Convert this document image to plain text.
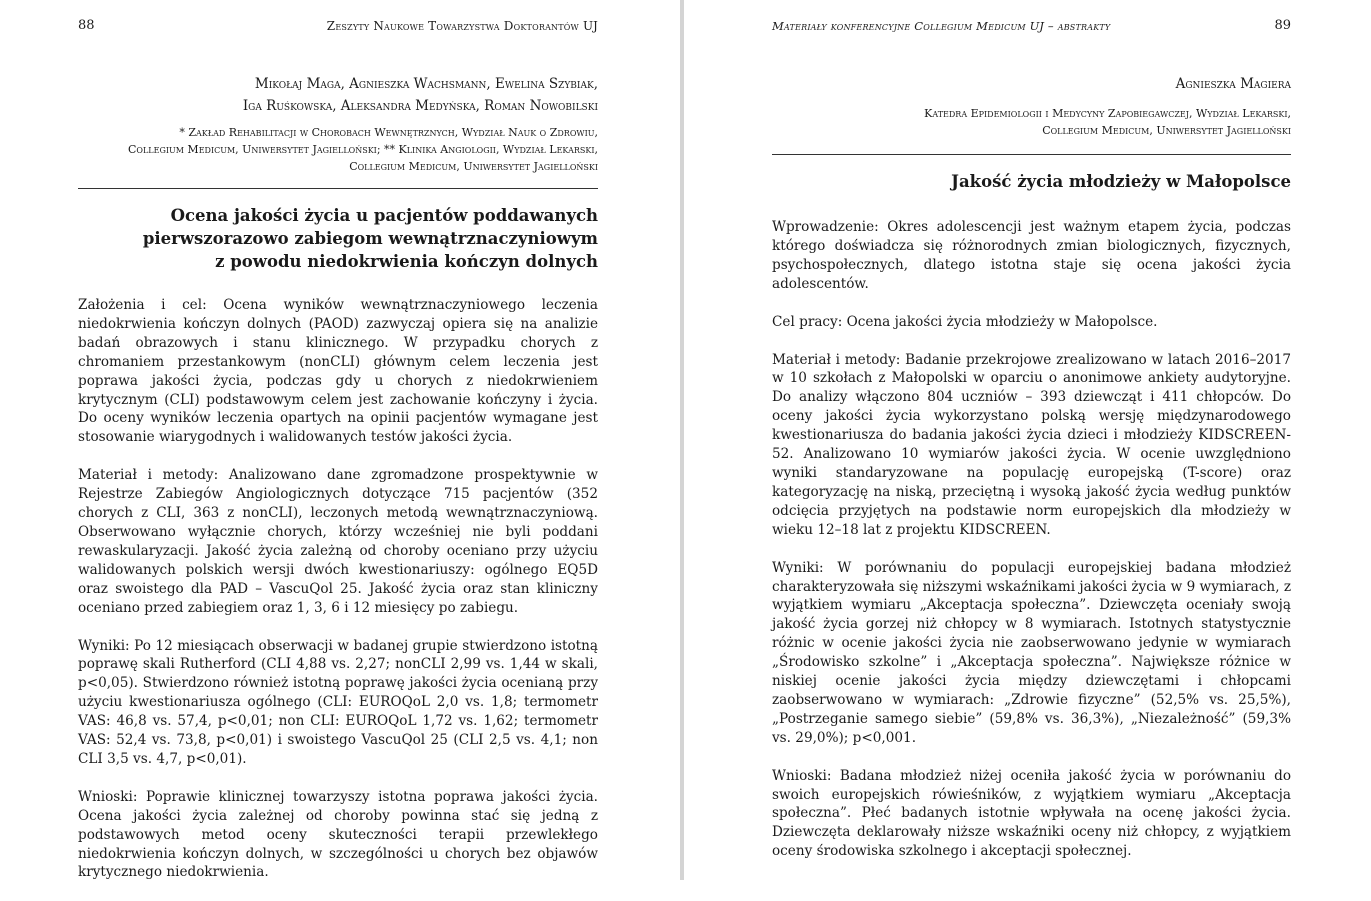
88	Zeszyty Naukowe Towarzystwa Doktorantów UJ
Mikołaj Maga, Agnieszka Wachsmann, Ewelina Szybiak,
Iga Ruśkowska, Aleksandra Medyńska, Roman Nowobilski
* Zakład Rehabilitacji w Chorobach Wewnętrznych, Wydział Nauk o Zdrowiu,
Collegium Medicum, Uniwersytet Jagielloński; ** Klinika Angiologii, Wydział Lekarski,
Collegium Medicum, Uniwersytet Jagielloński
Ocena jakości życia u pacjentów poddawanych
pierwszorazowo zabiegom wewnątrznaczyniowym
z powodu niedokrwienia kończyn dolnych

Założenia i cel: Ocena wyników wewnątrznaczyniowego leczenia niedokrwienia kończyn dolnych (PAOD) zazwyczaj opiera się na analizie badań obrazowych i stanu klinicznego. W przypadku chorych z chromaniem przestankowym (nonCLI) głównym celem leczenia jest poprawa jakości życia, podczas gdy u chorych z niedokrwieniem krytycznym (CLI) podstawowym celem jest zachowanie kończyny i życia. Do oceny wyników leczenia opartych na opinii pacjentów wymagane jest stosowanie wiarygodnych i walidowanych testów jakości życia.

Materiał i metody: Analizowano dane zgromadzone prospektywnie w Rejestrze Zabiegów Angiologicznych dotyczące 715 pacjentów (352 chorych z CLI, 363 z nonCLI), leczonych metodą wewnątrznaczyniową. Obserwowano wyłącznie chorych, którzy wcześniej nie byli poddani rewaskularyzacji. Jakość życia zależną od choroby oceniano przy użyciu walidowanych polskich wersji dwóch kwestionariuszy: ogólnego EQ5D oraz swoistego dla PAD – VascuQol 25. Jakość życia oraz stan kliniczny oceniano przed zabiegiem oraz 1, 3, 6 i 12 miesięcy po zabiegu.

Wyniki: Po 12 miesiącach obserwacji w badanej grupie stwierdzono istotną poprawę skali Rutherford (CLI 4,88 vs. 2,27; nonCLI 2,99 vs. 1,44 w skali, p<0,05). Stwierdzono również istotną poprawę jakości życia ocenianą przy użyciu kwestionariusza ogólnego (CLI: EUROQoL 2,0 vs. 1,8; termometr VAS: 46,8 vs. 57,4, p<0,01; non CLI: EUROQoL 1,72 vs. 1,62; termometr VAS: 52,4 vs. 73,8, p<0,01) i swoistego VascuQol 25 (CLI 2,5 vs. 4,1; non CLI 3,5 vs. 4,7, p<0,01).

Wnioski: Poprawie klinicznej towarzyszy istotna poprawa jakości życia. Ocena jakości życia zależnej od choroby powinna stać się jedną z podstawowych metod oceny skuteczności terapii przewlekłego niedokrwienia kończyn dolnych, w szczególności u chorych bez objawów krytycznego niedokrwienia.

Materiały konferencyjne Collegium Medicum UJ – abstrakty	89
Agnieszka Magiera
Katedra Epidemiologii i Medycyny Zapobiegawczej, Wydział Lekarski,
Collegium Medicum, Uniwersytet Jagielloński
Jakość życia młodzieży w Małopolsce

Wprowadzenie: Okres adolescencji jest ważnym etapem życia, podczas którego doświadcza się różnorodnych zmian biologicznych, fizycznych, psychospołecznych, dlatego istotna staje się ocena jakości życia adolescentów.

Cel pracy: Ocena jakości życia młodzieży w Małopolsce.

Materiał i metody: Badanie przekrojowe zrealizowano w latach 2016–2017 w 10 szkołach z Małopolski w oparciu o anonimowe ankiety audytoryjne. Do analizy włączono 804 uczniów – 393 dziewcząt i 411 chłopców. Do oceny jakości życia wykorzystano polską wersję międzynarodowego kwestionariusza do badania jakości życia dzieci i młodzieży KIDSCREEN-52. Analizowano 10 wymiarów jakości życia. W ocenie uwzględniono wyniki standaryzowane na populację europejską (T-score) oraz kategoryzację na niską, przeciętną i wysoką jakość życia według punktów odcięcia przyjętych na podstawie norm europejskich dla młodzieży w wieku 12–18 lat z projektu KIDSCREEN.

Wyniki: W porównaniu do populacji europejskiej badana młodzież charakteryzowała się niższymi wskaźnikami jakości życia w 9 wymiarach, z wyjątkiem wymiaru „Akceptacja społeczna”. Dziewczęta oceniały swoją jakość życia gorzej niż chłopcy w 8 wymiarach. Istotnych statystycznie różnic w ocenie jakości życia nie zaobserwowano jedynie w wymiarach „Środowisko szkolne” i „Akceptacja społeczna”. Największe różnice w niskiej ocenie jakości życia między dziewczętami i chłopcami zaobserwowano w wymiarach: „Zdrowie fizyczne” (52,5% vs. 25,5%), „Postrzeganie samego siebie” (59,8% vs. 36,3%), „Niezależność” (59,3% vs. 29,0%); p<0,001.

Wnioski: Badana młodzież niżej oceniła jakość życia w porównaniu do swoich europejskich rówieśników, z wyjątkiem wymiaru „Akceptacja społeczna”. Płeć badanych istotnie wpływała na ocenę jakości życia. Dziewczęta deklarowały niższe wskaźniki oceny niż chłopcy, z wyjątkiem oceny środowiska szkolnego i akceptacji społecznej.
